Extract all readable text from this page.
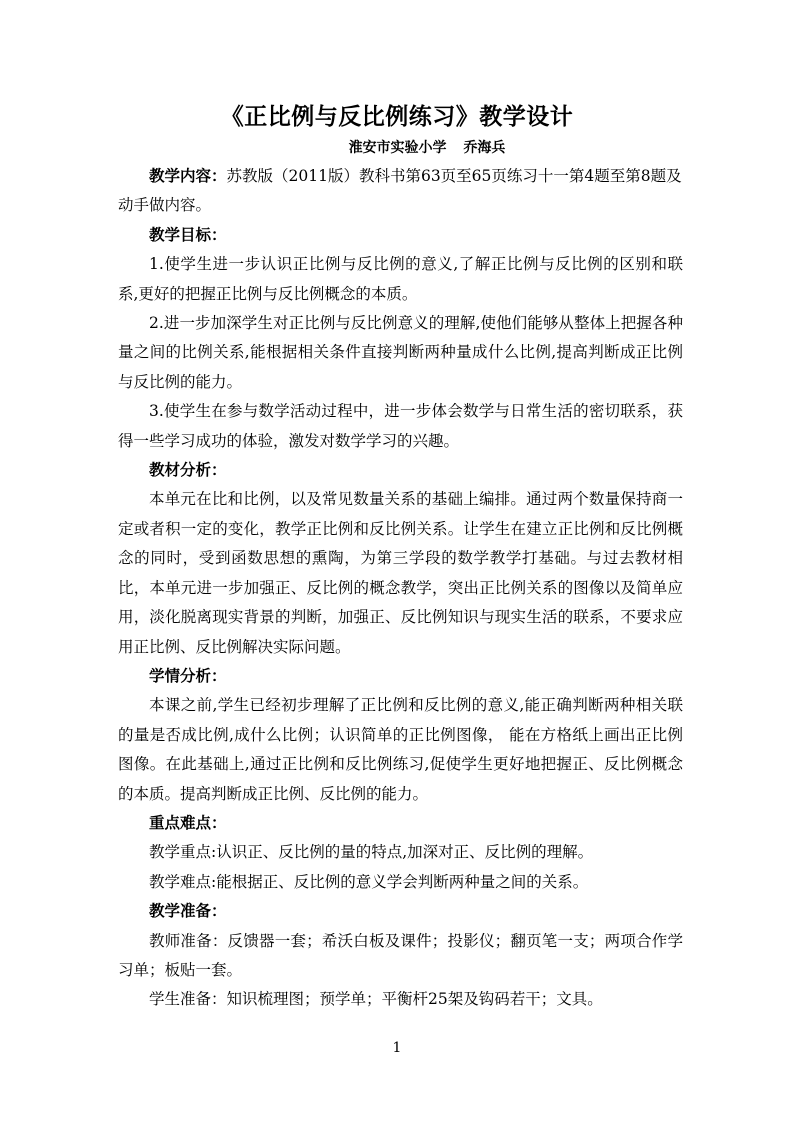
《正比例与反比例练习》教学设计
淮安市实验小学 乔海兵

教学内容：苏教版（2011版）教科书第63页至65页练习十一第4题至第8题及动手做内容。

教学目标：

1.使学生进一步认识正比例与反比例的意义,了解正比例与反比例的区别和联系,更好的把握正比例与反比例概念的本质。

2.进一步加深学生对正比例与反比例意义的理解,使他们能够从整体上把握各种量之间的比例关系,能根据相关条件直接判断两种量成什么比例,提高判断成正比例与反比例的能力。

3.使学生在参与数学活动过程中，进一步体会数学与日常生活的密切联系，获得一些学习成功的体验，激发对数学学习的兴趣。

教材分析：

本单元在比和比例，以及常见数量关系的基础上编排。通过两个数量保持商一定或者积一定的变化，教学正比例和反比例关系。让学生在建立正比例和反比例概念的同时，受到函数思想的熏陶，为第三学段的数学教学打基础。与过去教材相比，本单元进一步加强正、反比例的概念教学，突出正比例关系的图像以及简单应用，淡化脱离现实背景的判断，加强正、反比例知识与现实生活的联系，不要求应用正比例、反比例解决实际问题。

学情分析：

本课之前,学生已经初步理解了正比例和反比例的意义,能正确判断两种相关联的量是否成比例,成什么比例；认识简单的正比例图像， 能在方格纸上画出正比例图像。在此基础上,通过正比例和反比例练习,促使学生更好地把握正、反比例概念的本质。提高判断成正比例、反比例的能力。

重点难点：

教学重点:认识正、反比例的量的特点,加深对正、反比例的理解。

教学难点:能根据正、反比例的意义学会判断两种量之间的关系。

教学准备：

教师准备：反馈器一套；希沃白板及课件；投影仪；翻页笔一支；两项合作学习单；板贴一套。

学生准备：知识梳理图；预学单；平衡杆25架及钩码若干；文具。

1
